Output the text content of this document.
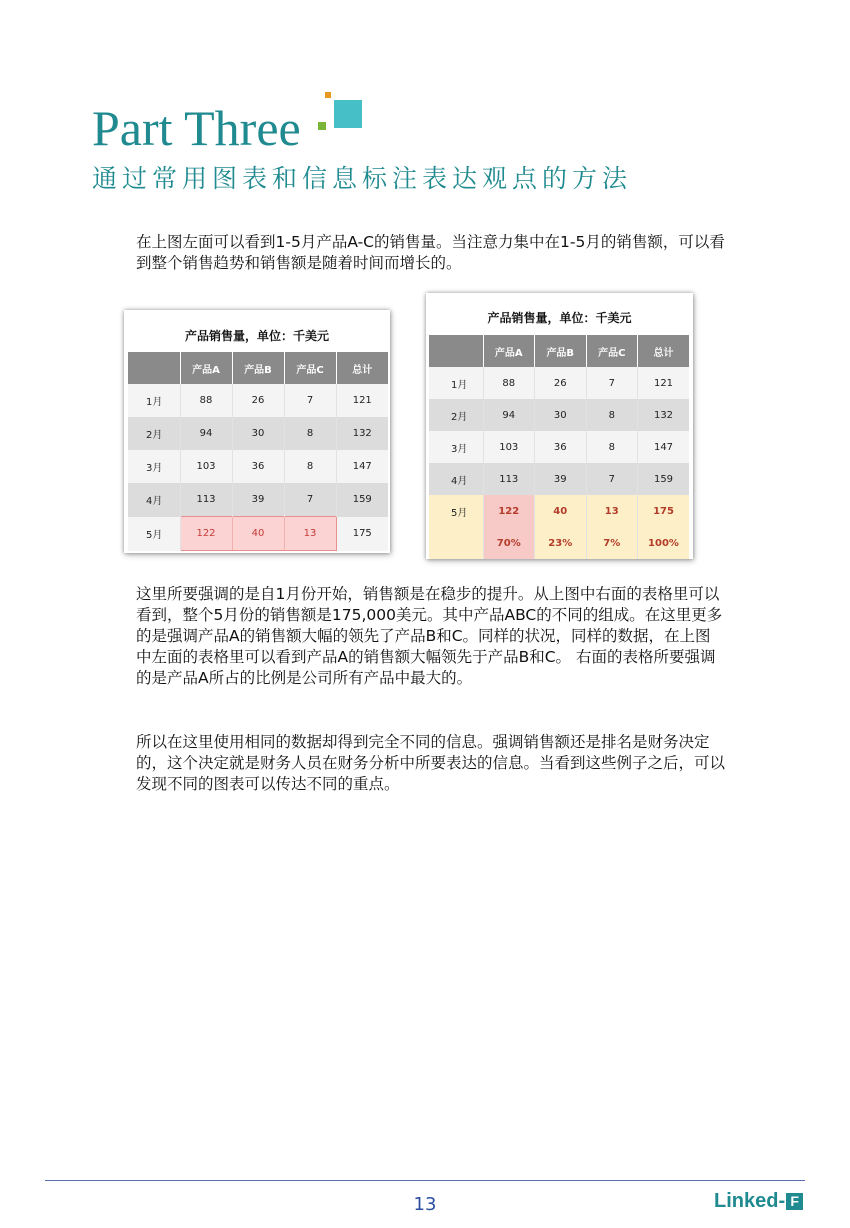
Part Three
通过常用图表和信息标注表达观点的方法
在上图左面可以看到1-5月产品A-C的销售量。当注意力集中在1-5月的销售额，可以看到整个销售趋势和销售额是随着时间而增长的。
产品销售量，单位：千美元
	产品A	产品B	产品C	总计
1月	88	26	7	121
2月	94	30	8	132
3月	103	36	8	147
4月	113	39	7	159
5月	122	40	13	175
产品销售量，单位：千美元
	产品A	产品B	产品C	总计
1月	88	26	7	121
2月	94	30	8	132
3月	103	36	8	147
4月	113	39	7	159
5月	122	40	13	175
	70%	23%	7%	100%
这里所要强调的是自1月份开始，销售额是在稳步的提升。从上图中右面的表格里可以看到，整个5月份的销售额是175,000美元。其中产品ABC的不同的组成。在这里更多的是强调产品A的销售额大幅的领先了产品B和C。同样的状况，同样的数据，在上图中左面的表格里可以看到产品A的销售额大幅领先于产品B和C。 右面的表格所要强调的是产品A所占的比例是公司所有产品中最大的。
所以在这里使用相同的数据却得到完全不同的信息。强调销售额还是排名是财务决定的，这个决定就是财务人员在财务分析中所要表达的信息。当看到这些例子之后，可以发现不同的图表可以传达不同的重点。
13	Linked- F
